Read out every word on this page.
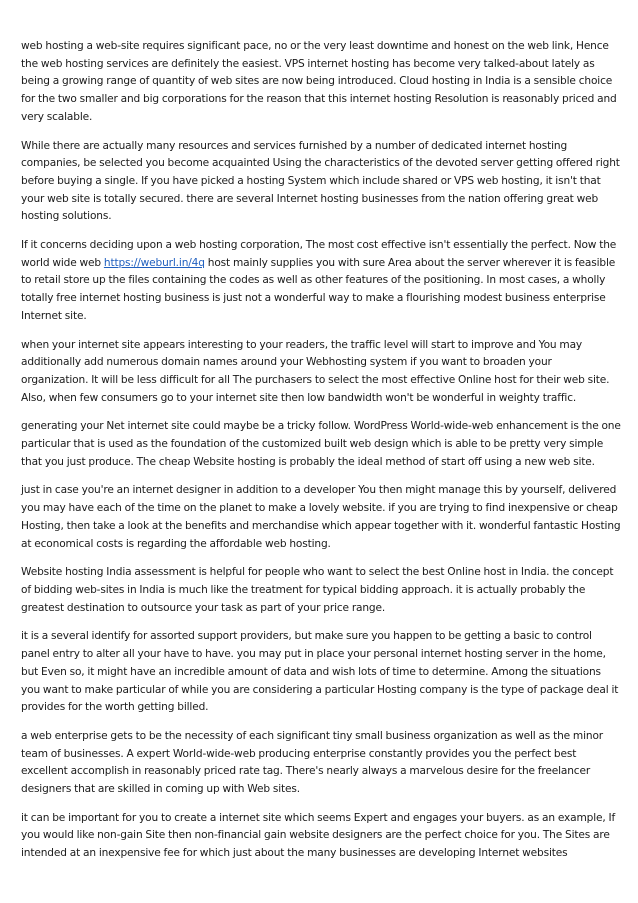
web hosting a web-site requires significant pace, no or the very least downtime and honest on the web link, Hence the web hosting services are definitely the easiest. VPS internet hosting has become very talked-about lately as being a growing range of quantity of web sites are now being introduced. Cloud hosting in India is a sensible choice for the two smaller and big corporations for the reason that this internet hosting Resolution is reasonably priced and very scalable.

While there are actually many resources and services furnished by a number of dedicated internet hosting companies, be selected you become acquainted Using the characteristics of the devoted server getting offered right before buying a single. If you have picked a hosting System which include shared or VPS web hosting, it isn't that your web site is totally secured. there are several Internet hosting businesses from the nation offering great web hosting solutions.

If it concerns deciding upon a web hosting corporation, The most cost effective isn't essentially the perfect. Now the world wide web https://weburl.in/4q host mainly supplies you with sure Area about the server wherever it is feasible to retail store up the files containing the codes as well as other features of the positioning. In most cases, a wholly totally free internet hosting business is just not a wonderful way to make a flourishing modest business enterprise Internet site.

when your internet site appears interesting to your readers, the traffic level will start to improve and You may additionally add numerous domain names around your Webhosting system if you want to broaden your organization. It will be less difficult for all The purchasers to select the most effective Online host for their web site. Also, when few consumers go to your internet site then low bandwidth won't be wonderful in weighty traffic.

generating your Net internet site could maybe be a tricky follow. WordPress World-wide-web enhancement is the one particular that is used as the foundation of the customized built web design which is able to be pretty very simple that you just produce. The cheap Website hosting is probably the ideal method of start off using a new web site.

just in case you're an internet designer in addition to a developer You then might manage this by yourself, delivered you may have each of the time on the planet to make a lovely website. if you are trying to find inexpensive or cheap Hosting, then take a look at the benefits and merchandise which appear together with it. wonderful fantastic Hosting at economical costs is regarding the affordable web hosting.

Website hosting India assessment is helpful for people who want to select the best Online host in India. the concept of bidding web-sites in India is much like the treatment for typical bidding approach. it is actually probably the greatest destination to outsource your task as part of your price range.

it is a several identify for assorted support providers, but make sure you happen to be getting a basic to control panel entry to alter all your have to have. you may put in place your personal internet hosting server in the home, but Even so, it might have an incredible amount of data and wish lots of time to determine. Among the situations you want to make particular of while you are considering a particular Hosting company is the type of package deal it provides for the worth getting billed.

a web enterprise gets to be the necessity of each significant tiny small business organization as well as the minor team of businesses. A expert World-wide-web producing enterprise constantly provides you the perfect best excellent accomplish in reasonably priced rate tag. There's nearly always a marvelous desire for the freelancer designers that are skilled in coming up with Web sites.

it can be important for you to create a internet site which seems Expert and engages your buyers. as an example, If you would like non-gain Site then non-financial gain website designers are the perfect choice for you. The Sites are intended at an inexpensive fee for which just about the many businesses are developing Internet websites
